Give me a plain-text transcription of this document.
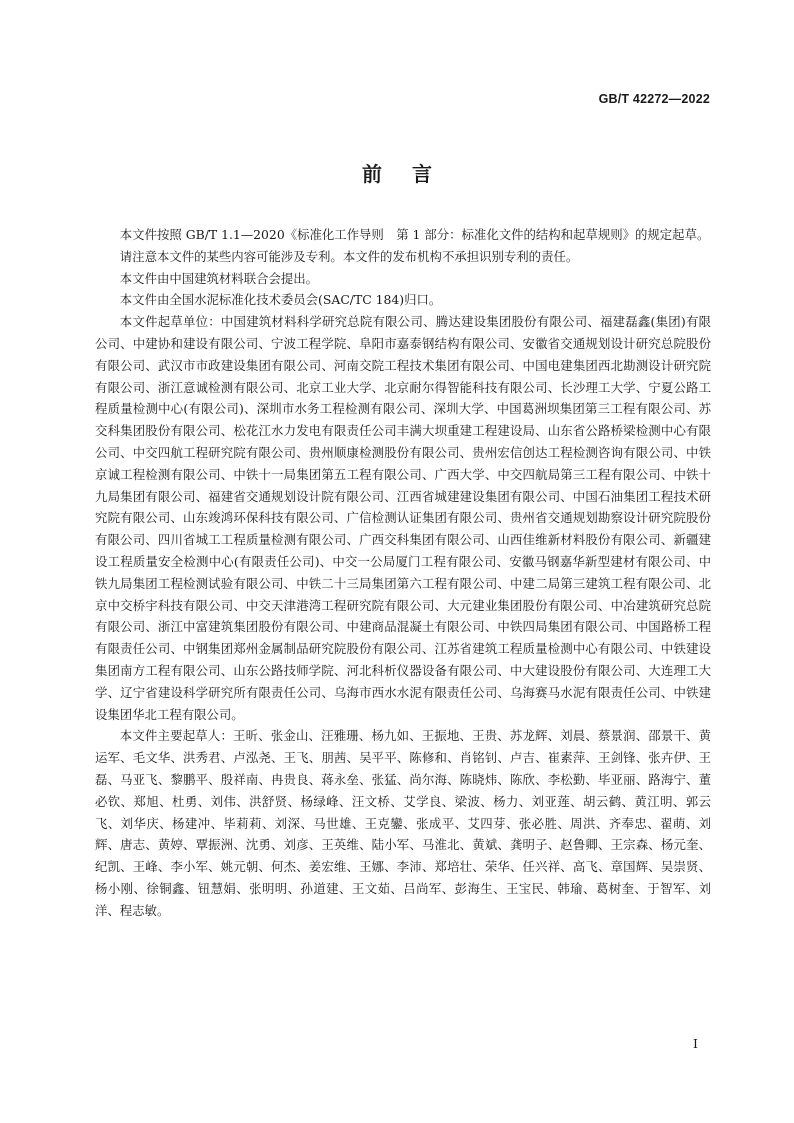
GB/T 42272—2022

前言

本文件按照 GB/T 1.1—2020《标准化工作导则　第 1 部分：标准化文件的结构和起草规则》的规定起草。

请注意本文件的某些内容可能涉及专利。本文件的发布机构不承担识别专利的责任。

本文件由中国建筑材料联合会提出。

本文件由全国水泥标准化技术委员会(SAC/TC 184)归口。

本文件起草单位：中国建筑材料科学研究总院有限公司、腾达建设集团股份有限公司、福建磊鑫(集团)有限公司、中建协和建设有限公司、宁波工程学院、阜阳市嘉泰钢结构有限公司、安徽省交通规划设计研究总院股份有限公司、武汉市市政建设集团有限公司、河南交院工程技术集团有限公司、中国电建集团西北勘测设计研究院有限公司、浙江意诚检测有限公司、北京工业大学、北京耐尔得智能科技有限公司、长沙理工大学、宁夏公路工程质量检测中心(有限公司)、深圳市水务工程检测有限公司、深圳大学、中国葛洲坝集团第三工程有限公司、苏交科集团股份有限公司、松花江水力发电有限责任公司丰满大坝重建工程建设局、山东省公路桥梁检测中心有限公司、中交四航工程研究院有限公司、贵州顺康检测股份有限公司、贵州宏信创达工程检测咨询有限公司、中铁京诚工程检测有限公司、中铁十一局集团第五工程有限公司、广西大学、中交四航局第三工程有限公司、中铁十九局集团有限公司、福建省交通规划设计院有限公司、江西省城建建设集团有限公司、中国石油集团工程技术研究院有限公司、山东竣鸿环保科技有限公司、广信检测认证集团有限公司、贵州省交通规划勘察设计研究院股份有限公司、四川省城工工程质量检测有限公司、广西交科集团有限公司、山西佳维新材料股份有限公司、新疆建设工程质量安全检测中心(有限责任公司)、中交一公局厦门工程有限公司、安徽马钢嘉华新型建材有限公司、中铁九局集团工程检测试验有限公司、中铁二十三局集团第六工程有限公司、中建二局第三建筑工程有限公司、北京中交桥宇科技有限公司、中交天津港湾工程研究院有限公司、大元建业集团股份有限公司、中冶建筑研究总院有限公司、浙江中富建筑集团股份有限公司、中建商品混凝土有限公司、中铁四局集团有限公司、中国路桥工程有限责任公司、中钢集团郑州金属制品研究院股份有限公司、江苏省建筑工程质量检测中心有限公司、中铁建设集团南方工程有限公司、山东公路技师学院、河北科析仪器设备有限公司、中大建设股份有限公司、大连理工大学、辽宁省建设科学研究所有限责任公司、乌海市西水水泥有限责任公司、乌海赛马水泥有限责任公司、中铁建设集团华北工程有限公司。

本文件主要起草人：王昕、张金山、汪雅珊、杨九如、王振地、王贵、苏龙辉、刘晨、蔡景润、邵景干、黄运军、毛文华、洪秀君、卢泓尧、王飞、朋茜、吴平平、陈修和、肖铭钊、卢吉、崔素萍、王剑锋、张卉伊、王磊、马亚飞、黎鹏平、殷祥南、冉贵良、蒋永垒、张猛、尚尔海、陈晓炜、陈欣、李松勤、毕亚丽、路海宁、董必钦、郑旭、杜勇、刘伟、洪舒贤、杨绿峰、汪文桥、艾学良、梁波、杨力、刘亚莲、胡云鹤、黄江明、郭云飞、刘华庆、杨建冲、毕莉莉、刘深、马世雄、王克鑾、张成平、艾四芽、张必胜、周洪、齐奉忠、翟萌、刘辉、唐志、黄婷、覃振洲、沈勇、刘彦、王英维、陆小军、马淮北、黄斌、龚明子、赵鲁卿、王宗森、杨元奎、纪凯、王峰、李小军、姚元朝、何杰、姜宏维、王娜、李沛、郑培壮、荣华、任兴祥、高飞、章国辉、吴崇贤、杨小刚、徐铜鑫、钮慧娟、张明明、孙道建、王文茹、吕尚军、彭海生、王宝民、韩瑜、葛树奎、于智军、刘洋、程志敏。

I
